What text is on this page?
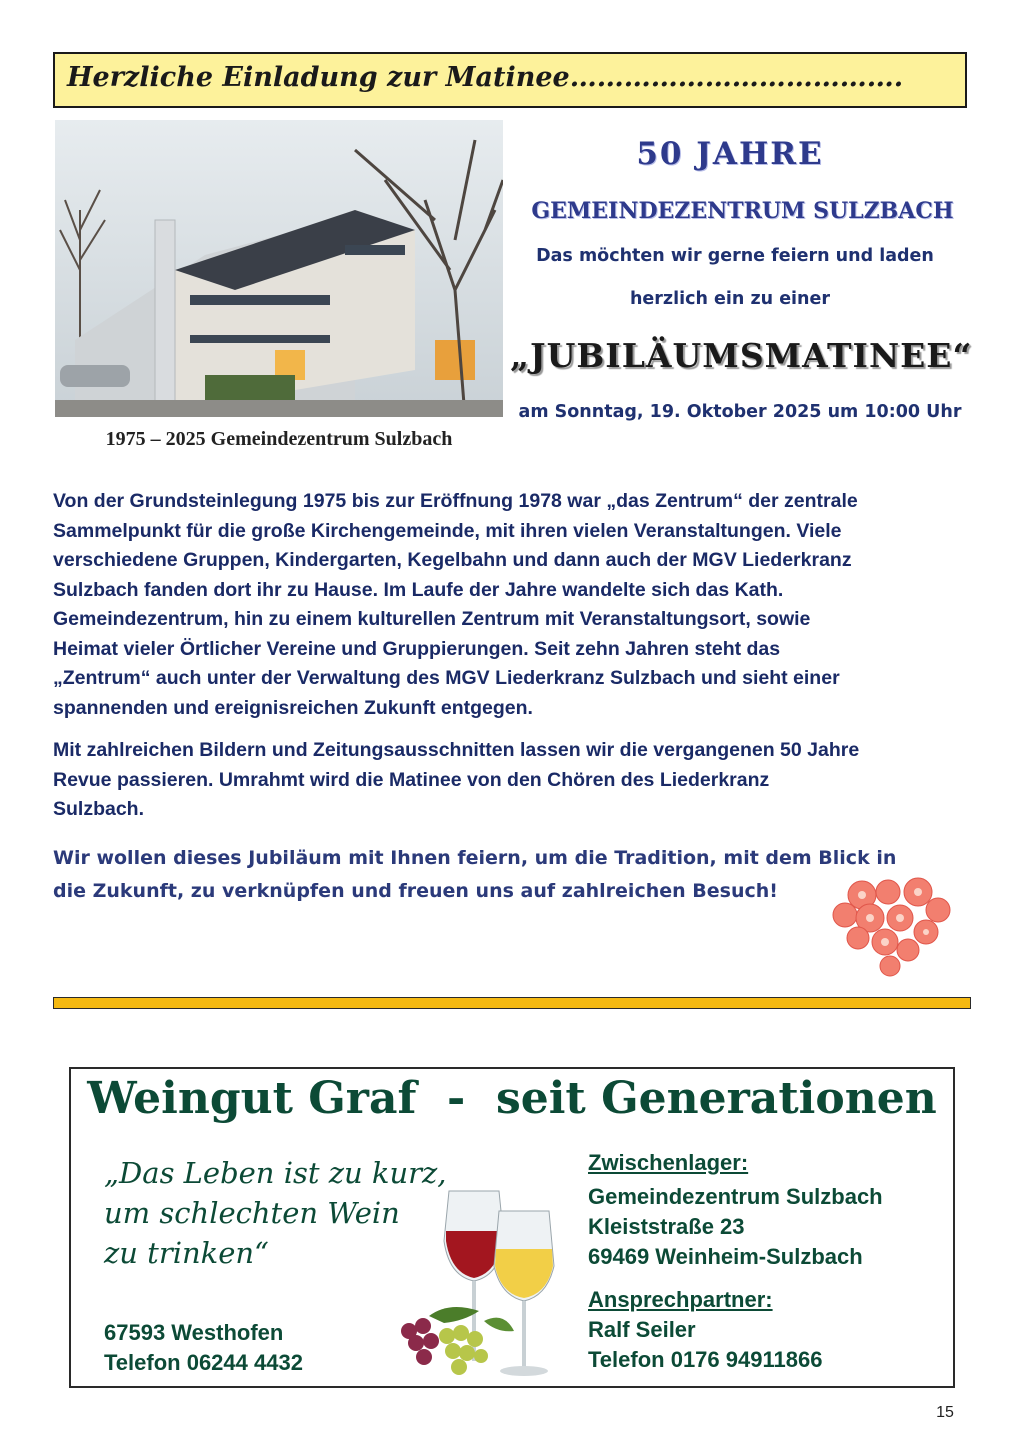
Herzliche Einladung zur Matinee……………………………….
1975 – 2025 Gemeindezentrum Sulzbach
50 JAHRE
GEMEINDEZENTRUM SULZBACH
Das möchten wir gerne feiern und laden
herzlich ein zu einer
„JUBILÄUMSMATINEE“
am Sonntag, 19. Oktober 2025 um 10:00 Uhr
Von der Grundsteinlegung 1975 bis zur Eröffnung 1978 war „das Zentrum“ der zentrale
Sammelpunkt für die große Kirchengemeinde, mit ihren vielen Veranstaltungen. Viele
verschiedene Gruppen, Kindergarten, Kegelbahn und dann auch der MGV Liederkranz
Sulzbach fanden dort ihr zu Hause. Im Laufe der Jahre wandelte sich das Kath.
Gemeindezentrum, hin zu einem kulturellen Zentrum mit Veranstaltungsort, sowie
Heimat vieler Örtlicher Vereine und Gruppierungen. Seit zehn Jahren steht das
„Zentrum“ auch unter der Verwaltung des MGV Liederkranz Sulzbach und sieht einer
spannenden und ereignisreichen Zukunft entgegen.
Mit zahlreichen Bildern und Zeitungsausschnitten lassen wir die vergangenen 50 Jahre
Revue passieren. Umrahmt wird die Matinee von den Chören des Liederkranz
Sulzbach.
Wir wollen dieses Jubiläum mit Ihnen feiern, um die Tradition, mit dem Blick in
die Zukunft, zu verknüpfen und freuen uns auf zahlreichen Besuch!
Weingut Graf  -  seit Generationen
„Das Leben ist zu kurz,
um schlechten Wein
zu trinken“
67593 Westhofen
Telefon 06244 4432
Zwischenlager:
Gemeindezentrum Sulzbach
Kleiststraße 23
69469 Weinheim-Sulzbach
Ansprechpartner:
Ralf Seiler
Telefon 0176 94911866
15
